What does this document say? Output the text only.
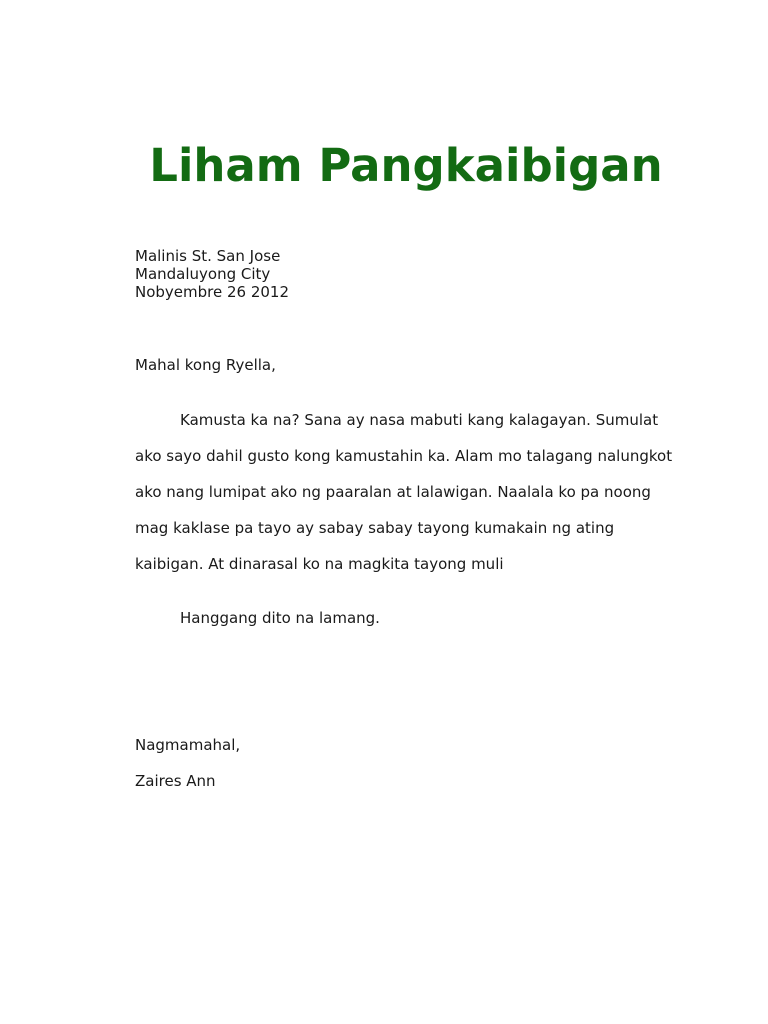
Liham Pangkaibigan

Malinis St. San Jose

Mandaluyong City

Nobyembre 26 2012

Mahal kong Ryella,

Kamusta ka na? Sana ay nasa mabuti kang kalagayan. Sumulat

ako sayo dahil gusto kong kamustahin ka. Alam mo talagang nalungkot

ako nang lumipat ako ng paaralan at lalawigan. Naalala ko pa noong

mag kaklase pa tayo ay sabay sabay tayong kumakain ng ating

kaibigan. At dinarasal ko na magkita tayong muli

Hanggang dito na lamang.

Nagmamahal,

Zaires Ann
